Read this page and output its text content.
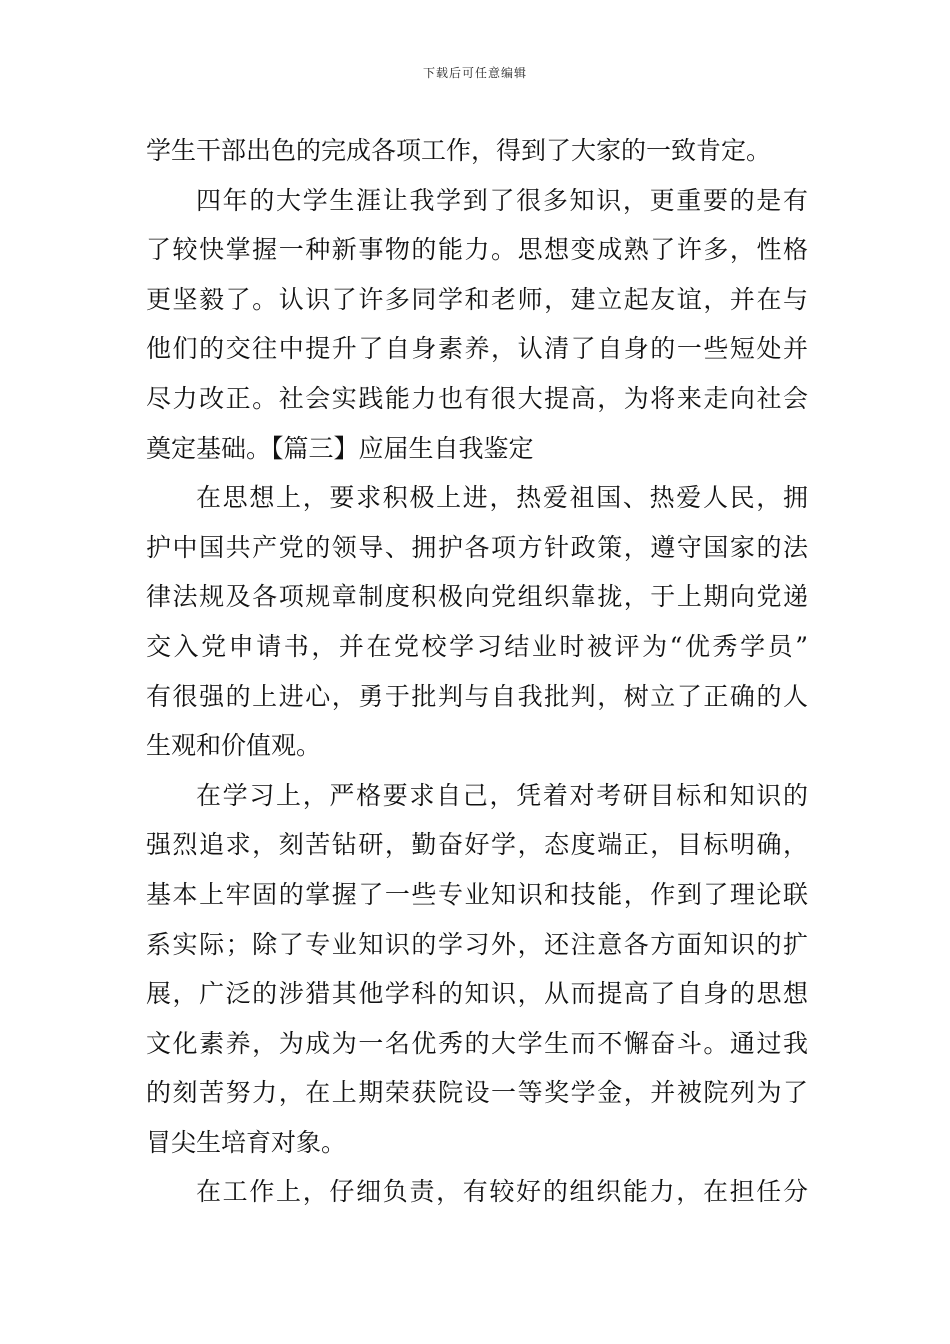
下载后可任意编辑
学生干部出色的完成各项工作，得到了大家的一致肯定。
四年的大学生涯让我学到了很多知识，更重要的是有
了较快掌握一种新事物的能力。思想变成熟了许多，性格
更坚毅了。认识了许多同学和老师，建立起友谊，并在与
他们的交往中提升了自身素养，认清了自身的一些短处并
尽力改正。社会实践能力也有很大提高，为将来走向社会
奠定基础。【篇三】应届生自我鉴定
在思想上，要求积极上进，热爱祖国、热爱人民，拥
护中国共产党的领导、拥护各项方针政策，遵守国家的法
律法规及各项规章制度积极向党组织靠拢，于上期向党递
交入党申请书，并在党校学习结业时被评为“优秀学员”
有很强的上进心，勇于批判与自我批判，树立了正确的人
生观和价值观。
在学习上，严格要求自己，凭着对考研目标和知识的
强烈追求，刻苦钻研，勤奋好学，态度端正，目标明确，
基本上牢固的掌握了一些专业知识和技能，作到了理论联
系实际；除了专业知识的学习外，还注意各方面知识的扩
展，广泛的涉猎其他学科的知识，从而提高了自身的思想
文化素养，为成为一名优秀的大学生而不懈奋斗。通过我
的刻苦努力，在上期荣获院设一等奖学金，并被院列为了
冒尖生培育对象。
在工作上，仔细负责，有较好的组织能力，在担任分
